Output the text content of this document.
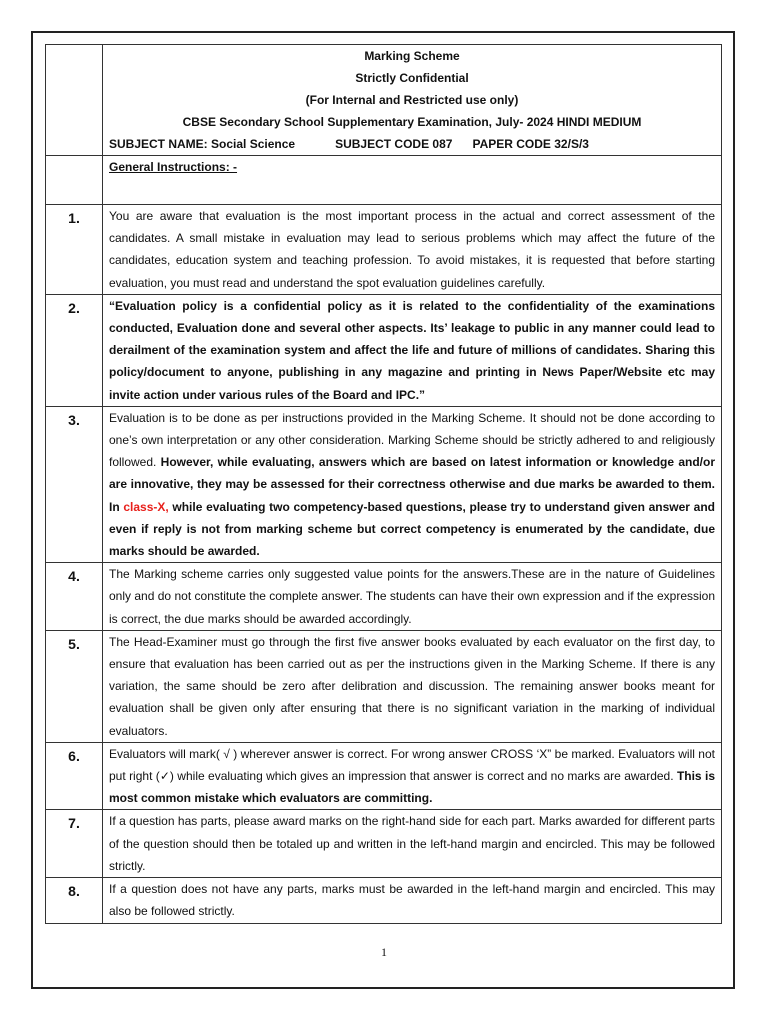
	Marking Scheme
Strictly Confidential
(For Internal and Restricted use only)
CBSE Secondary School Supplementary Examination, July- 2024 HINDI MEDIUM
SUBJECT NAME: Social Science SUBJECT CODE 087 PAPER CODE 32/S/3

	General Instructions: -

1.	You are aware that evaluation is the most important process in the actual and correct assessment of the candidates. A small mistake in evaluation may lead to serious problems which may affect the future of the candidates, education system and teaching profession. To avoid mistakes, it is requested that before starting evaluation, you must read and understand the spot evaluation guidelines carefully.
2.	“Evaluation policy is a confidential policy as it is related to the confidentiality of the examinations conducted, Evaluation done and several other aspects. Its’ leakage to public in any manner could lead to derailment of the examination system and affect the life and future of millions of candidates. Sharing this policy/document to anyone, publishing in any magazine and printing in News Paper/Website etc may invite action under various rules of the Board and IPC.”
3.	Evaluation is to be done as per instructions provided in the Marking Scheme. It should not be done according to one’s own interpretation or any other consideration. Marking Scheme should be strictly adhered to and religiously followed. However, while evaluating, answers which are based on latest information or knowledge and/or are innovative, they may be assessed for their correctness otherwise and due marks be awarded to them. In class-X, while evaluating two competency-based questions, please try to understand given answer and even if reply is not from marking scheme but correct competency is enumerated by the candidate, due marks should be awarded.
4.	The Marking scheme carries only suggested value points for the answers.These are in the nature of Guidelines only and do not constitute the complete answer. The students can have their own expression and if the expression is correct, the due marks should be awarded accordingly.
5.	The Head-Examiner must go through the first five answer books evaluated by each evaluator on the first day, to ensure that evaluation has been carried out as per the instructions given in the Marking Scheme. If there is any variation, the same should be zero after delibration and discussion. The remaining answer books meant for evaluation shall be given only after ensuring that there is no significant variation in the marking of individual evaluators.
6.	Evaluators will mark( √ ) wherever answer is correct. For wrong answer CROSS ‘X” be marked. Evaluators will not put right (✓) while evaluating which gives an impression that answer is correct and no marks are awarded. This is most common mistake which evaluators are committing.
7.	If a question has parts, please award marks on the right-hand side for each part. Marks awarded for different parts of the question should then be totaled up and written in the left-hand margin and encircled. This may be followed strictly.
8.	If a question does not have any parts, marks must be awarded in the left-hand margin and encircled. This may also be followed strictly.
1
